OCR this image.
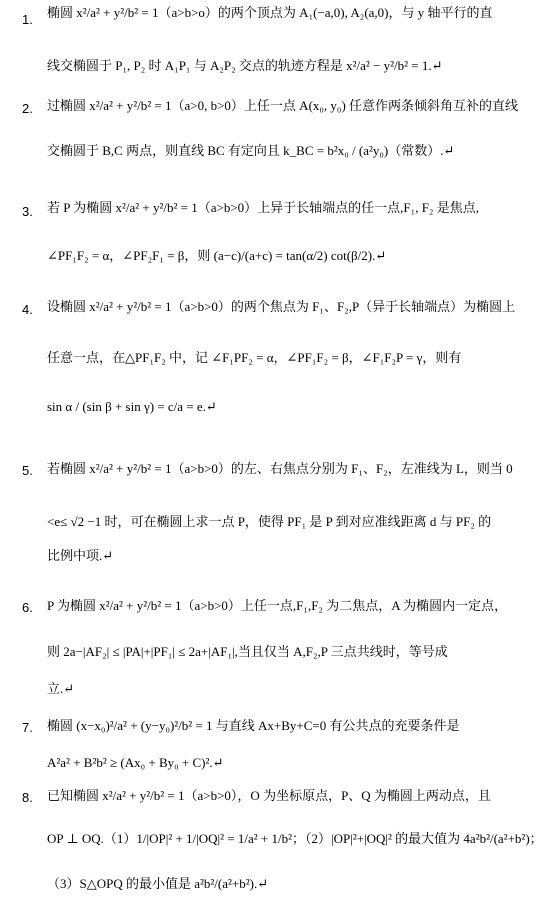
1. 椭圆 x²/a² + y²/b² = 1（a>b>o）的两个顶点为 A₁(−a,0), A₂(a,0)，与 y 轴平行的直
线交椭圆于 P₁, P₂ 时 A₁P₁ 与 A₂P₂ 交点的轨迹方程是 x²/a² − y²/b² = 1.↵
2. 过椭圆 x²/a² + y²/b² = 1（a>0, b>0）上任一点 A(x₀, y₀) 任意作两条倾斜角互补的直线
交椭圆于 B,C 两点，则直线 BC 有定向且 k_BC = b²x₀ / (a²y₀)（常数）.↵
3. 若 P 为椭圆 x²/a² + y²/b² = 1（a>b>0）上异于长轴端点的任一点,F₁, F₂ 是焦点,
∠PF₁F₂ = α，∠PF₂F₁ = β，则 (a−c)/(a+c) = tan(α/2) cot(β/2).↵
4. 设椭圆 x²/a² + y²/b² = 1（a>b>0）的两个焦点为 F₁、F₂,P（异于长轴端点）为椭圆上
任意一点，在△PF₁F₂ 中，记 ∠F₁PF₂ = α，∠PF₁F₂ = β，∠F₁F₂P = γ，则有
sin α / (sin β + sin γ) = c/a = e.↵
5. 若椭圆 x²/a² + y²/b² = 1（a>b>0）的左、右焦点分别为 F₁、F₂，左准线为 L，则当 0
<e≤ √2 −1 时，可在椭圆上求一点 P，使得 PF₁ 是 P 到对应准线距离 d 与 PF₂ 的
比例中项.↵
6. P 为椭圆 x²/a² + y²/b² = 1（a>b>0）上任一点,F₁,F₂ 为二焦点，A 为椭圆内一定点，
则 2a−|AF₂| ≤ |PA|+|PF₁| ≤ 2a+|AF₁|,当且仅当 A,F₂,P 三点共线时，等号成
立.↵
7. 椭圆 (x−x₀)²/a² + (y−y₀)²/b² = 1 与直线 Ax+By+C=0 有公共点的充要条件是
A²a² + B²b² ≥ (Ax₀ + By₀ + C)².↵
8. 已知椭圆 x²/a² + y²/b² = 1（a>b>0），O 为坐标原点，P、Q 为椭圆上两动点，且
OP ⊥ OQ.（1）1/|OP|² + 1/|OQ|² = 1/a² + 1/b²；（2）|OP|²+|OQ|² 的最大值为 4a²b²/(a²+b²)；
（3）S△OPQ 的最小值是 a²b²/(a²+b²).↵
